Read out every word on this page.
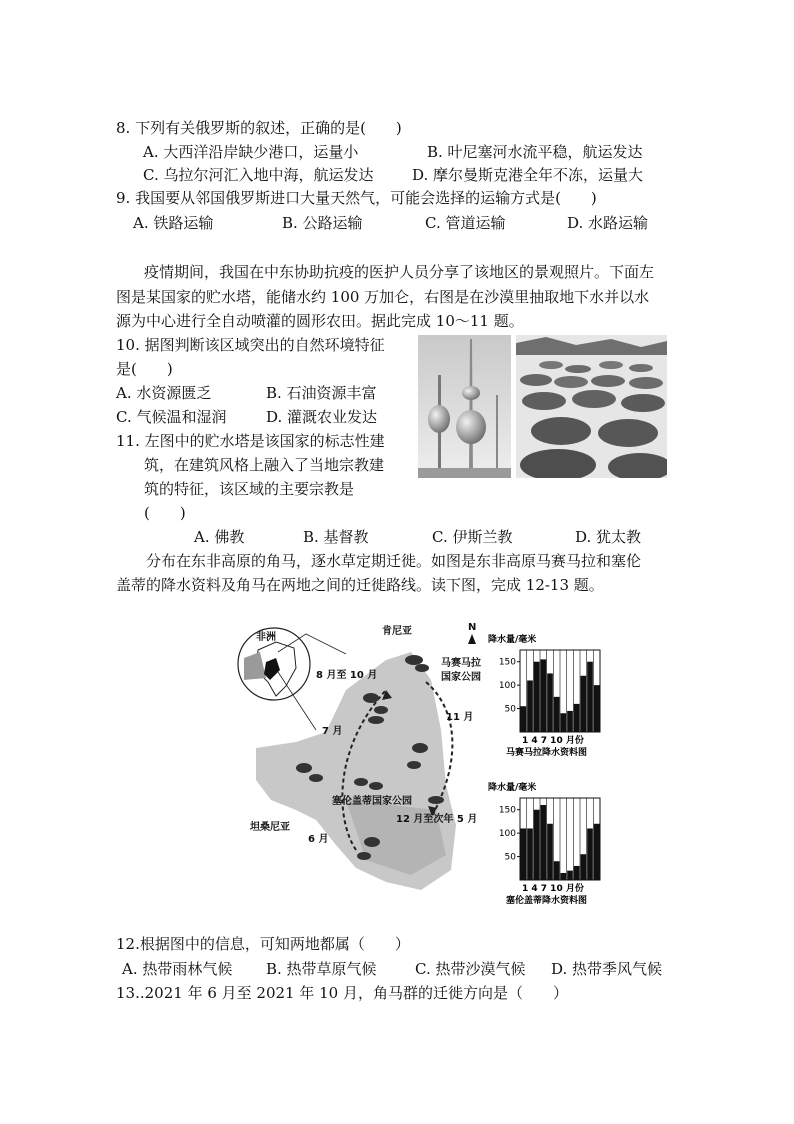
8. 下列有关俄罗斯的叙述，正确的是(　　)
A. 大西洋沿岸缺少港口，运量小	B. 叶尼塞河水流平稳，航运发达
C. 乌拉尔河汇入地中海，航运发达	D. 摩尔曼斯克港全年不冻，运量大
9. 我国要从邻国俄罗斯进口大量天然气，可能会选择的运输方式是(　　)
A. 铁路运输	B. 公路运输	C. 管道运输	D. 水路运输
疫情期间，我国在中东协助抗疫的医护人员分享了该地区的景观照片。下面左
图是某国家的贮水塔，能储水约 100 万加仑，右图是在沙漠里抽取地下水并以水
源为中心进行全自动喷灌的圆形农田。据此完成 10～11 题。
10. 据图判断该区域突出的自然环境特征
是(　　)
A. 水资源匮乏	B. 石油资源丰富
C. 气候温和湿润	D. 灌溉农业发达
11. 左图中的贮水塔是该国家的标志性建
筑，在建筑风格上融入了当地宗教建
筑的特征，该区域的主要宗教是
(　　)
A. 佛教	B. 基督教	C. 伊斯兰教	D. 犹太教
分布在东非高原的角马，逐水草定期迁徙。如图是东非高原马赛马拉和塞伦
盖蒂的降水资料及角马在两地之间的迁徙路线。读下图，完成 12-13 题。
非洲
N
肯尼亚
马赛马拉
国家公园
8 月至 10 月
7 月
11 月
塞伦盖蒂国家公园
12 月至次年 5 月
坦桑尼亚
6 月
降水量/毫米
50
100
150
1 4 7 10 月份
马赛马拉降水资料图
降水量/毫米
50
100
150
1 4 7 10 月份
塞伦盖蒂降水资料图
12.根据图中的信息，可知两地都属（　　）
A. 热带雨林气候 B. 热带草原气候	C. 热带沙漠气候 D. 热带季风气候
13..2021 年 6 月至 2021 年 10 月，角马群的迁徙方向是（　　）
